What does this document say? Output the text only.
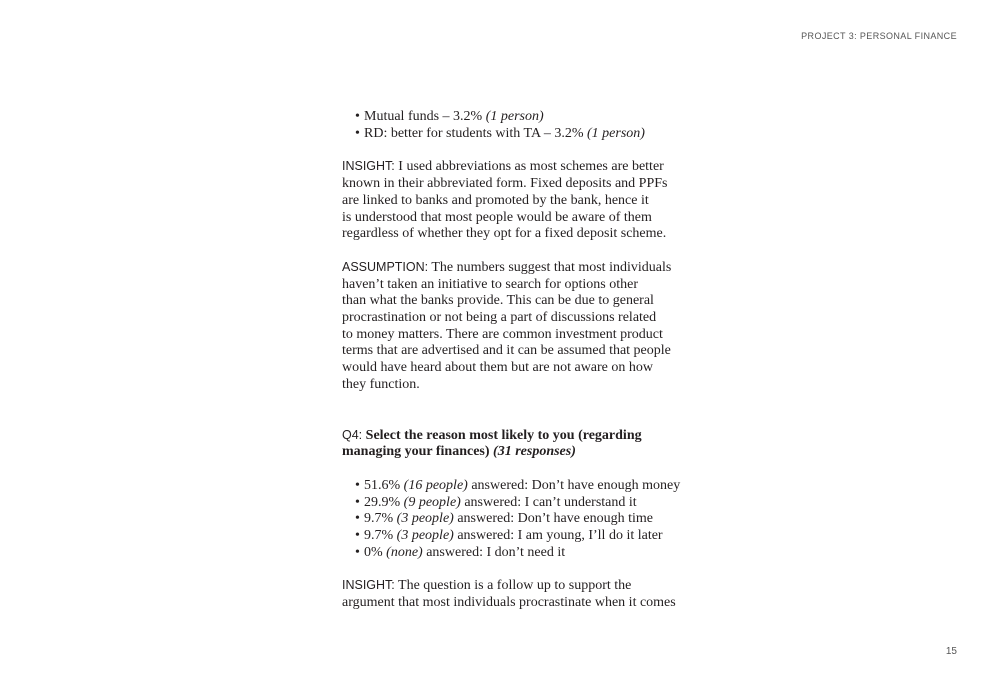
PROJECT 3: PERSONAL FINANCE
• Mutual funds – 3.2% (1 person)
• RD: better for students with TA – 3.2% (1 person)
INSIGHT: I used abbreviations as most schemes are better
known in their abbreviated form. Fixed deposits and PPFs
are linked to banks and promoted by the bank, hence it
is understood that most people would be aware of them
regardless of whether they opt for a fixed deposit scheme.
ASSUMPTION: The numbers suggest that most individuals
haven’t taken an initiative to search for options other
than what the banks provide. This can be due to general
procrastination or not being a part of discussions related
to money matters. There are common investment product
terms that are advertised and it can be assumed that people
would have heard about them but are not aware on how
they function.
Q4: Select the reason most likely to you (regarding
managing your finances) (31 responses)
• 51.6% (16 people) answered: Don’t have enough money
• 29.9% (9 people) answered: I can’t understand it
• 9.7% (3 people) answered: Don’t have enough time
• 9.7% (3 people) answered: I am young, I’ll do it later
• 0% (none) answered: I don’t need it
INSIGHT: The question is a follow up to support the
argument that most individuals procrastinate when it comes
15
